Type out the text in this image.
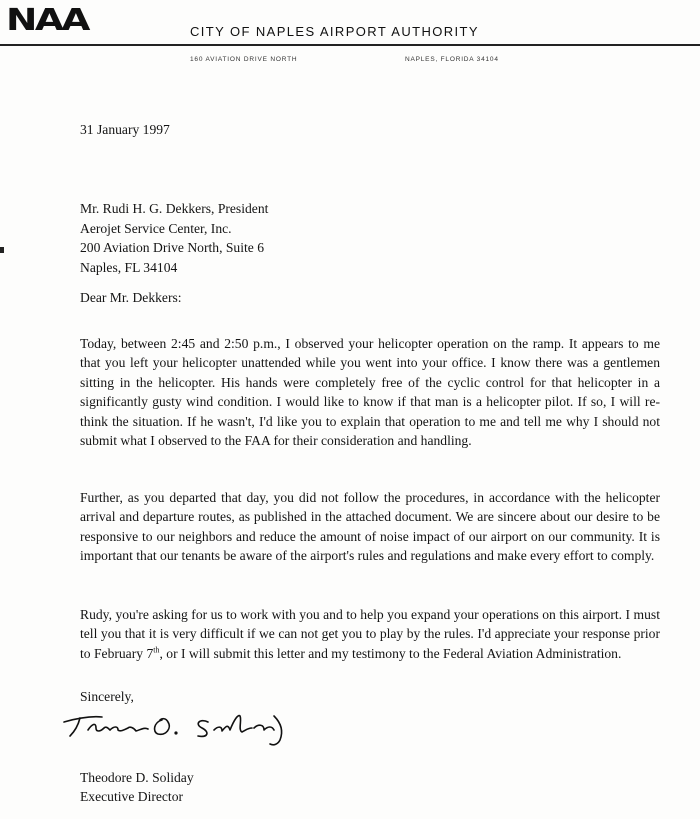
NAA	CITY OF NAPLES AIRPORT AUTHORITY
160 AVIATION DRIVE NORTH	NAPLES, FLORIDA 34104
31 January 1997
Mr. Rudi H. G. Dekkers, President
Aerojet Service Center, Inc.
200 Aviation Drive North, Suite 6
Naples, FL 34104
Dear Mr. Dekkers:

Today, between 2:45 and 2:50 p.m., I observed your helicopter operation on the ramp. It appears to me that you left your helicopter unattended while you went into your office. I know there was a gentlemen sitting in the helicopter. His hands were completely free of the cyclic control for that helicopter in a significantly gusty wind condition. I would like to know if that man is a helicopter pilot. If so, I will re-think the situation. If he wasn't, I'd like you to explain that operation to me and tell me why I should not submit what I observed to the FAA for their consideration and handling.

Further, as you departed that day, you did not follow the procedures, in accordance with the helicopter arrival and departure routes, as published in the attached document. We are sincere about our desire to be responsive to our neighbors and reduce the amount of noise impact of our airport on our community. It is important that our tenants be aware of the airport's rules and regulations and make every effort to comply.

Rudy, you're asking for us to work with you and to help you expand your operations on this airport. I must tell you that it is very difficult if we can not get you to play by the rules. I'd appreciate your response prior to February 7th, or I will submit this letter and my testimony to the Federal Aviation Administration.

Sincerely,
Theodore D. Soliday
Executive Director
